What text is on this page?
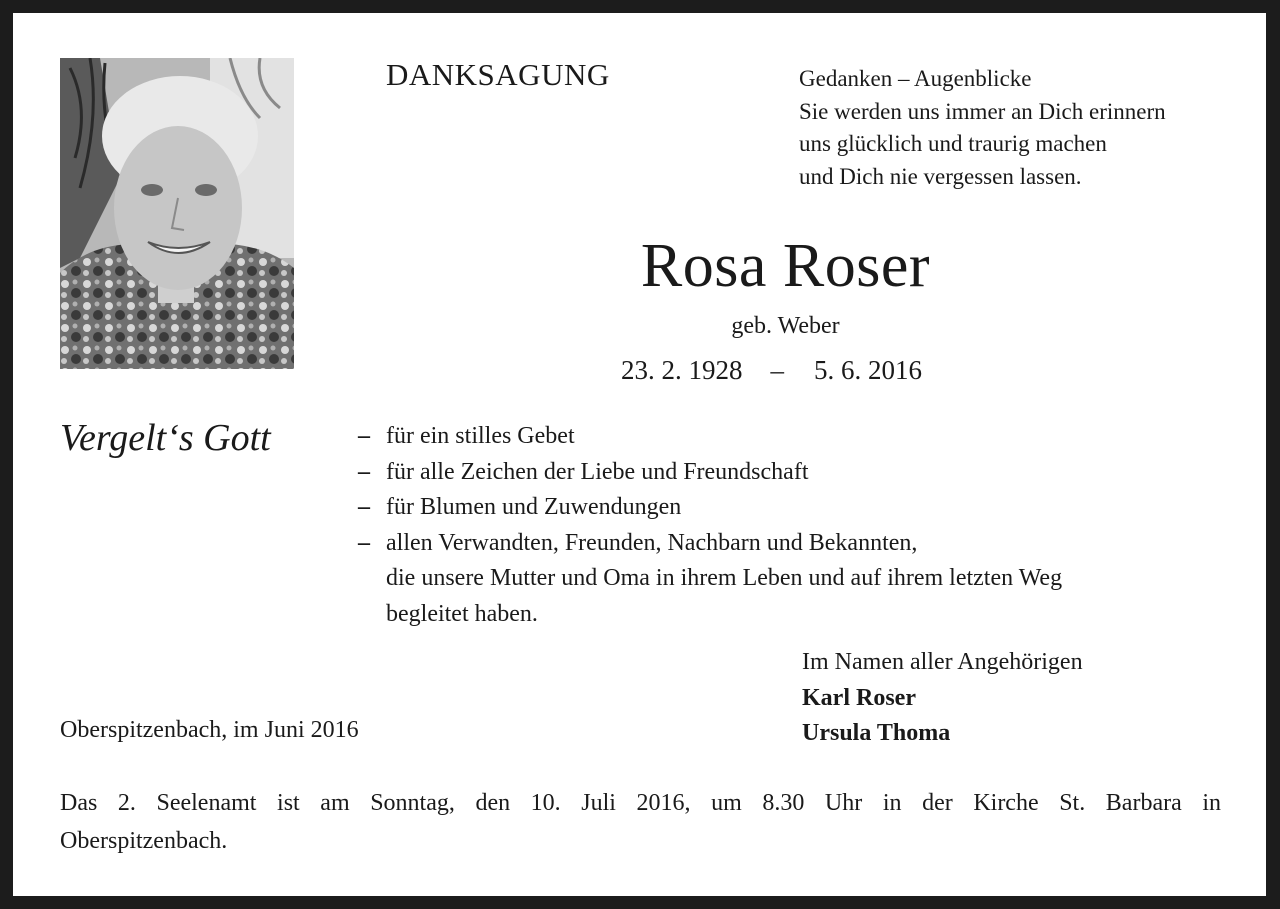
DANKSAGUNG	Gedanken – Augenblicke
Sie werden uns immer an Dich erinnern
uns glücklich und traurig machen
und Dich nie vergessen lassen.
Rosa Roser
geb. Weber
23. 2. 1928 – 5. 6. 2016
Vergelt‘s Gott	– für ein stilles Gebet
– für alle Zeichen der Liebe und Freundschaft
– für Blumen und Zuwendungen
– allen Verwandten, Freunden, Nachbarn und Bekannten,
die unsere Mutter und Oma in ihrem Leben und auf ihrem letzten Weg
begleitet haben.
Im Namen aller Angehörigen
Karl Roser
Ursula Thoma
Oberspitzenbach, im Juni 2016
Das 2. Seelenamt ist am Sonntag, den 10. Juli 2016, um 8.30 Uhr in der Kirche St. Barbara in
Oberspitzenbach.
